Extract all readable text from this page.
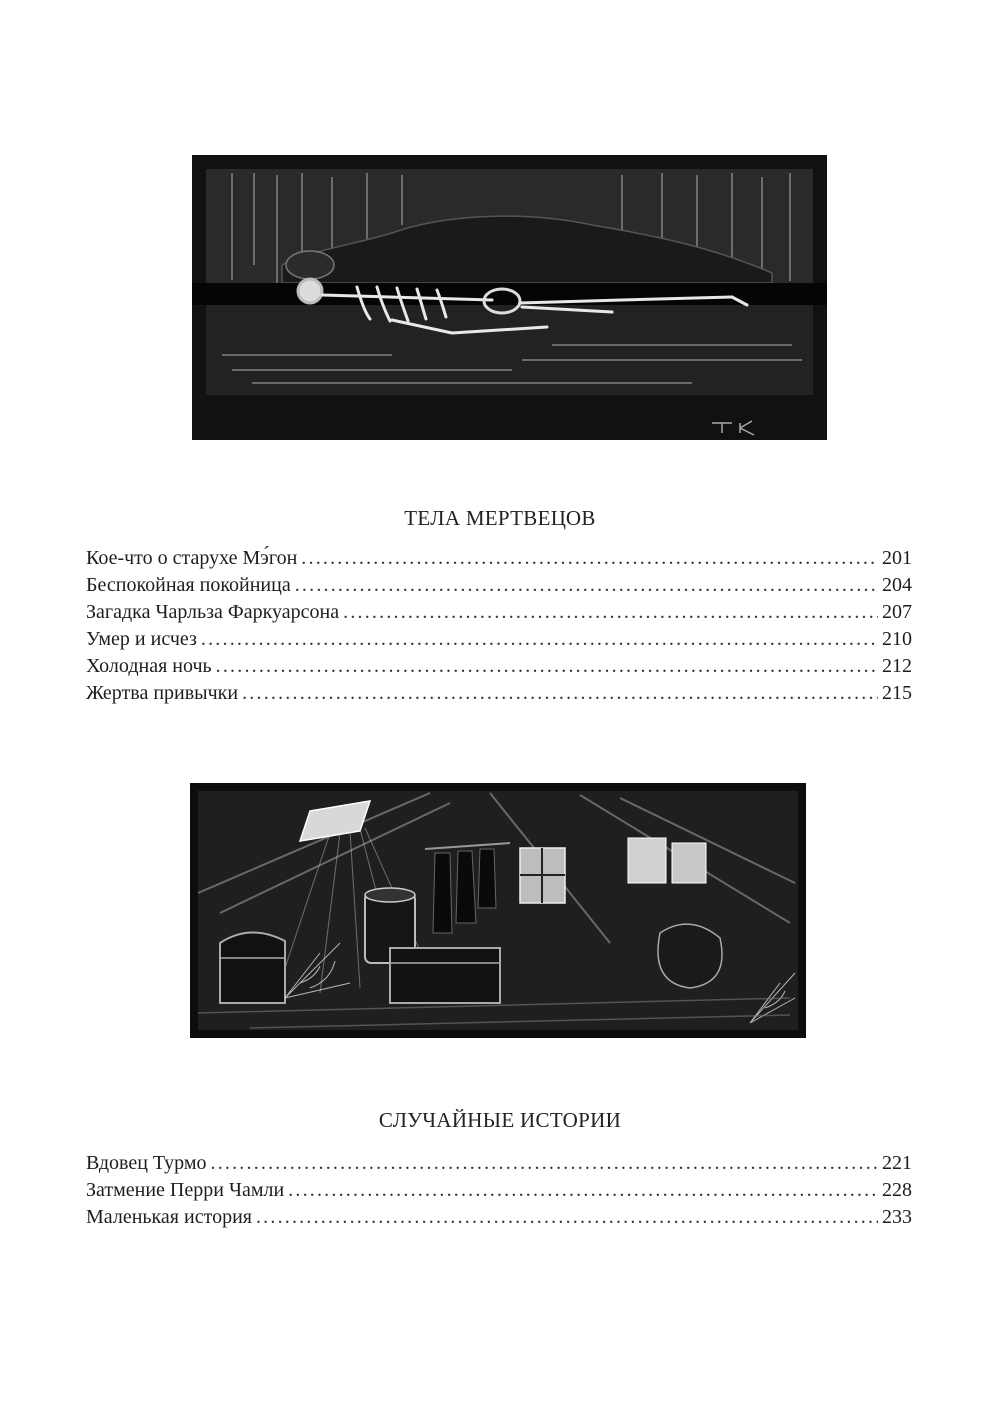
ТЕЛА МЕРТВЕЦОВ
Кое-что о старухе Мэ́гон .....	201
Беспокойная покойница .....	204
Загадка Чарльза Фаркуарсона .....	207
Умер и исчез .....	210
Холодная ночь .....	212
Жертва привычки .....	215
СЛУЧАЙНЫЕ ИСТОРИИ
Вдовец Турмо .....	221
Затмение Перри Чамли .....	228
Маленькая история .....	233
